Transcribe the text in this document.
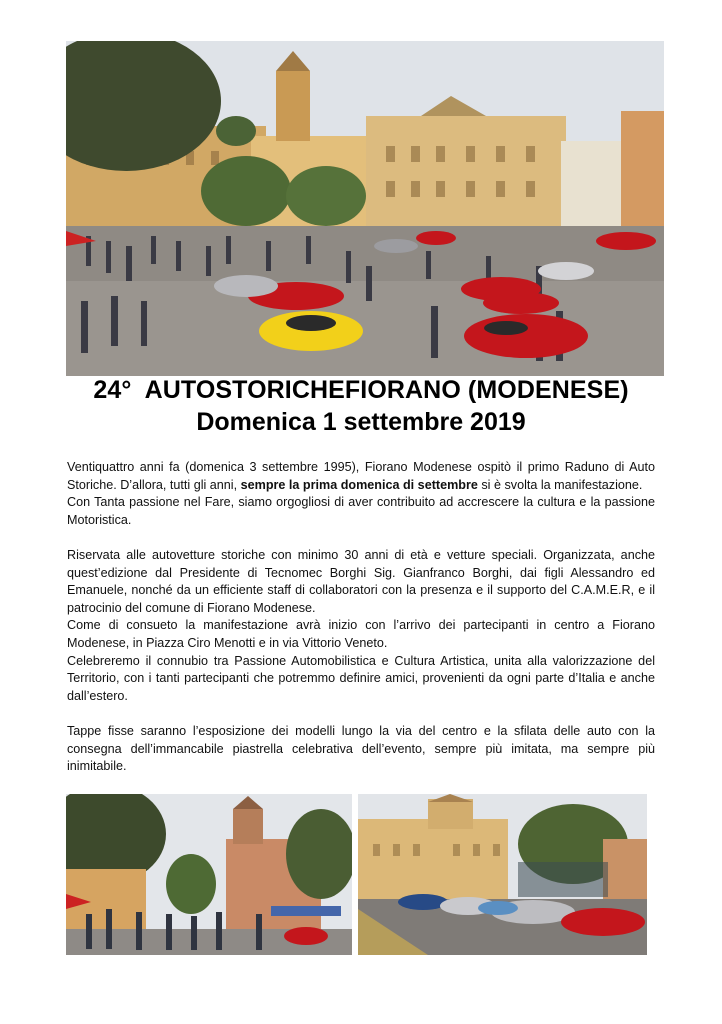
24°  AUTOSTORICHEFIORANO (MODENESE)
Domenica 1 settembre 2019

Ventiquattro anni fa (domenica 3 settembre 1995), Fiorano Modenese ospitò il primo Raduno di Auto Storiche. D’allora, tutti gli anni, sempre la prima domenica di settembre si è svolta la manifestazione.

Con Tanta passione nel Fare, siamo orgogliosi di aver contribuito ad accrescere la cultura e la passione Motoristica.

Riservata alle autovetture storiche con minimo 30 anni di età e vetture speciali. Organizzata, anche quest’edizione dal Presidente di Tecnomec Borghi Sig. Gianfranco Borghi, dai figli Alessandro ed Emanuele, nonché da un efficiente staff di collaboratori con la presenza e il supporto del C.A.M.E.R, e il patrocinio del comune di Fiorano Modenese.

Come di consueto la manifestazione avrà inizio con l’arrivo dei partecipanti in centro a Fiorano Modenese, in Piazza Ciro Menotti e in via Vittorio Veneto.

Celebreremo il connubio tra Passione Automobilistica e Cultura Artistica, unita alla valorizzazione del Territorio, con i tanti partecipanti che potremmo definire amici, provenienti da ogni parte d’Italia e anche dall’estero.

Tappe fisse saranno l’esposizione dei modelli lungo la via del centro e la sfilata delle auto con la consegna dell’immancabile piastrella celebrativa dell’evento, sempre più imitata, ma sempre più inimitabile.
